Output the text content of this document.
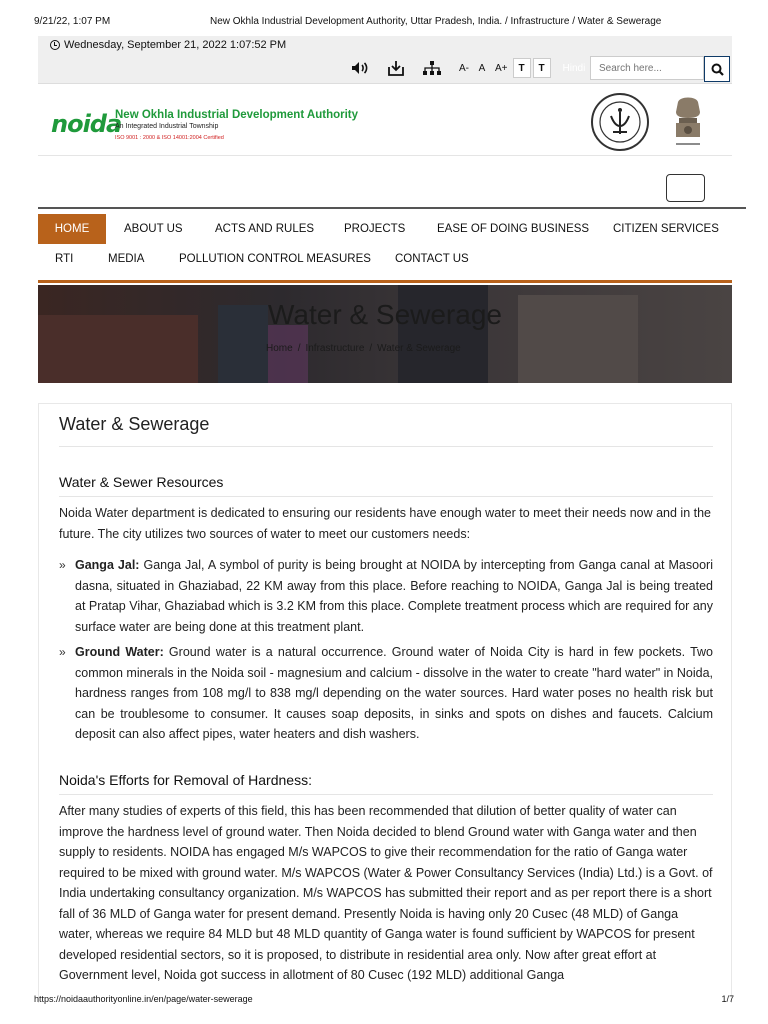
9/21/22, 1:07 PM	New Okhla Industrial Development Authority, Uttar Pradesh, India. / Infrastructure / Water & Sewerage
Wednesday, September 21, 2022 1:07:52 PM
A- A A+	T	T	Hindi
Search here...
noida
New Okhla Industrial Development Authority
An Integrated Industrial Township
ISO 9001 : 2000 & ISO 14001:2004 Certified
HOME	ABOUT US	ACTS AND RULES	PROJECTS	EASE OF DOING BUSINESS CITIZEN SERVICES
RTI	MEDIA	POLLUTION CONTROL MEASURES CONTACT US
Water & Sewerage
Home / Infrastructure / Water & Sewerage
Water & Sewerage
Water & Sewer Resources
Noida Water department is dedicated to ensuring our residents have enough water to meet their needs now and in the future. The city utilizes two sources of water to meet our customers needs:
» Ganga Jal: Ganga Jal, A symbol of purity is being brought at NOIDA by intercepting from Ganga canal at Masoori dasna, situated in Ghaziabad, 22 KM away from this place. Before reaching to NOIDA, Ganga Jal is being treated at Pratap Vihar, Ghaziabad which is 3.2 KM from this place. Complete treatment process which are required for any surface water are being done at this treatment plant.
» Ground Water: Ground water is a natural occurrence. Ground water of Noida City is hard in few pockets. Two common minerals in the Noida soil - magnesium and calcium - dissolve in the water to create "hard water" in Noida, hardness ranges from 108 mg/l to 838 mg/l depending on the water sources. Hard water poses no health risk but can be troublesome to consumer. It causes soap deposits, in sinks and spots on dishes and faucets. Calcium deposit can also affect pipes, water heaters and dish washers.
Noida's Efforts for Removal of Hardness:
After many studies of experts of this field, this has been recommended that dilution of better quality of water can improve the hardness level of ground water. Then Noida decided to blend Ground water with Ganga water and then supply to residents. NOIDA has engaged M/s WAPCOS to give their recommendation for the ratio of Ganga water required to be mixed with ground water. M/s WAPCOS (Water & Power Consultancy Services (India) Ltd.) is a Govt. of India undertaking consultancy organization. M/s WAPCOS has submitted their report and as per report there is a short fall of 36 MLD of Ganga water for present demand. Presently Noida is having only 20 Cusec (48 MLD) of Ganga water, whereas we require 84 MLD but 48 MLD quantity of Ganga water is found sufficient by WAPCOS for present developed residential sectors, so it is proposed, to distribute in residential area only. Now after great effort at Government level, Noida got success in allotment of 80 Cusec (192 MLD) additional Ganga
https://noidaauthorityonline.in/en/page/water-sewerage	1/7
